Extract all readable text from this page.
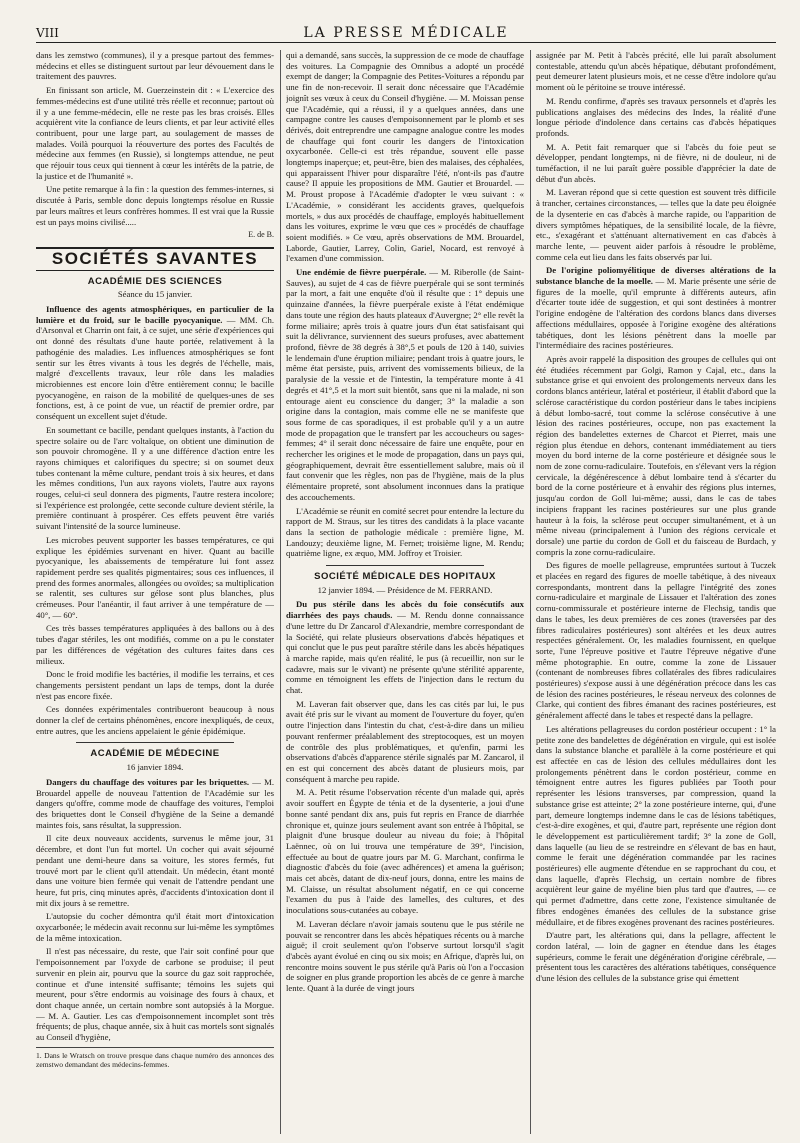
VIII	LA PRESSE MÉDICALE

dans les zemstwo (communes), il y a presque partout des femmes-médecins et elles se distinguent surtout par leur dévouement dans le traitement des pauvres.

En finissant son article, M. Guerzeinstein dit : « L'exercice des femmes-médecins est d'une utilité très réelle et reconnue; partout où il y a une femme-médecin, elle ne reste pas les bras croisés. Elles acquièrent vite la confiance de leurs clients, et par leur activité elles contribuent, pour une large part, au soulagement de masses de malades. Voilà pourquoi la réouverture des portes des Facultés de médecine aux femmes (en Russie), si longtemps attendue, ne peut que réjouir tous ceux qui tiennent à cœur les intérêts de la patrie, de la justice et de l'humanité ».

Une petite remarque à la fin : la question des femmes-internes, si discutée à Paris, semble donc depuis longtemps résolue en Russie par leurs maîtres et leurs confrères hommes. Il est vrai que la Russie est un pays moins civilisé.....

E. de B.
SOCIÉTÉS SAVANTES
ACADÉMIE DES SCIENCES
Séance du 15 janvier.

Influence des agents atmosphériques, en particulier de la lumière et du froid, sur le bacille pyocyanique. — MM. Ch. d'Arsonval et Charrin ont fait, à ce sujet, une série d'expériences qui ont donné des résultats d'une haute portée, relativement à la pathogénie des maladies. Les influences atmosphériques se font sentir sur les êtres vivants à tous les degrés de l'échelle, mais, malgré d'excellents travaux, leur rôle dans les maladies microbiennes est encore loin d'être entièrement connu; le bacille pyocyanogène, en raison de la mobilité de quelques-unes de ses fonctions, est, à ce point de vue, un réactif de premier ordre, par conséquent un excellent sujet d'étude.

En soumettant ce bacille, pendant quelques instants, à l'action du spectre solaire ou de l'arc voltaïque, on obtient une diminution de son pouvoir chromogène. Il y a une différence d'action entre les rayons chimiques et calorifiques du spectre; si on soumet deux tubes contenant la même culture, pendant trois à six heures, et dans les mêmes conditions, l'un aux rayons violets, l'autre aux rayons rouges, celui-ci seul donnera des pigments, l'autre restera incolore; si l'expérience est prolongée, cette seconde culture devient stérile, la première continuant à prospérer. Ces effets peuvent être variés suivant l'intensité de la source lumineuse.

Les microbes peuvent supporter les basses températures, ce qui explique les épidémies survenant en hiver. Quant au bacille pyocyanique, les abaissements de température lui font assez rapidement perdre ses qualités pigmentaires; sous ces influences, il prend des formes anormales, allongées ou ovoïdes; sa multiplication se ralentit, ses cultures sur gélose sont plus blanches, plus crémeuses. Pour l'anéantir, il faut arriver à une température de — 40°, — 60°.

Ces très basses températures appliquées à des ballons ou à des tubes d'agar stériles, les ont modifiés, comme on a pu le constater par les différences de végétation des cultures faites dans ces milieux.

Donc le froid modifie les bactéries, il modifie les terrains, et ces changements persistent pendant un laps de temps, dont la durée n'est pas encore fixée.

Ces données expérimentales contribueront beaucoup à nous donner la clef de certains phénomènes, encore inexpliqués, de ceux, entre autres, que les anciens appelaient le génie épidémique.

ACADÉMIE DE MÉDECINE
16 janvier 1894.

Dangers du chauffage des voitures par les briquettes. — M. Brouardel appelle de nouveau l'attention de l'Académie sur les dangers qu'offre, comme mode de chauffage des voitures, l'emploi des briquettes dont le Conseil d'hygiène de la Seine a demandé maintes fois, sans résultat, la suppression.

Il cite deux nouveaux accidents, survenus le même jour, 31 décembre, et dont l'un fut mortel. Un cocher qui avait séjourné pendant une demi-heure dans sa voiture, les stores fermés, fut trouvé mort par le client qu'il attendait. Un médecin, étant monté dans une voiture bien fermée qui venait de l'attendre pendant une heure, fut pris, cinq minutes après, d'accidents d'intoxication dont il mit dix jours à se remettre.

L'autopsie du cocher démontra qu'il était mort d'intoxication oxycarbonée; le médecin avait reconnu sur lui-même les symptômes de la même intoxication.

Il n'est pas nécessaire, du reste, que l'air soit confiné pour que l'empoisonnement par l'oxyde de carbone se produise; il peut survenir en plein air, pourvu que la source du gaz soit rapprochée, continue et d'une intensité suffisante; témoins les sujets qui meurent, pour s'être endormis au voisinage des fours à chaux, et dont chaque année, un certain nombre sont autopsiés à la Morgue. — M. A. Gautier. Les cas d'empoisonnement incomplet sont très fréquents; de plus, chaque année, six à huit cas mortels sont signalés au Conseil d'hygiène,

1. Dans le Wratsch on trouve presque dans chaque numéro des annonces des zemstwo demandant des médecins-femmes.

qui a demandé, sans succès, la suppression de ce mode de chauffage des voitures. La Compagnie des Omnibus a adopté un procédé exempt de danger; la Compagnie des Petites-Voitures a répondu par une fin de non-recevoir. Il serait donc nécessaire que l'Académie joignît ses vœux à ceux du Conseil d'hygiène. — M. Moissan pense que l'Académie, qui a réussi, il y a quelques années, dans une campagne contre les causes d'empoisonnement par le plomb et ses dérivés, doit entreprendre une campagne analogue contre les modes de chauffage qui font courir les dangers de l'intoxication oxycarbonée. Celle-ci est très répandue, souvent elle passe longtemps inaperçue; et, peut-être, bien des malaises, des céphalées, qui apparaissent l'hiver pour disparaître l'été, n'ont-ils pas d'autre cause? Il appuie les propositions de MM. Gautier et Brouardel. — M. Proust propose à l'Académie d'adopter le vœu suivant : « L'Académie, » considérant les accidents graves, quelquefois mortels, » dus aux procédés de chauffage, employés habituellement dans les voitures, exprime le vœu que ces » procédés de chauffage soient modifiés. » Ce vœu, après observations de MM. Brouardel, Laborde, Gautier, Larrey, Colin, Gariel, Nocard, est renvoyé à l'examen d'une commission.

Une endémie de fièvre puerpérale. — M. Riberolle (de Saint-Sauves), au sujet de 4 cas de fièvre puerpérale qui se sont terminés par la mort, a fait une enquête d'où il résulte que : 1° depuis une quinzaine d'années, la fièvre puerpérale existe à l'état endémique dans toute une région des hauts plateaux d'Auvergne; 2° elle revêt la forme miliaire; après trois à quatre jours d'un état satisfaisant qui suit la délivrance, surviennent des sueurs profuses, avec abattement profond, fièvre de 38 degrés à 38°,5 et pouls de 120 à 140, suivies le lendemain d'une éruption miliaire; pendant trois à quatre jours, le même état persiste, puis, arrivent des vomissements bilieux, de la paralysie de la vessie et de l'intestin, la température monte à 41 degrés et 41°,5 et la mort suit bientôt, sans que ni la malade, ni son entourage aient eu conscience du danger; 3° la maladie a son origine dans la contagion, mais comme elle ne se manifeste que sous forme de cas sporadiques, il est probable qu'il y a un autre mode de propagation que le transfert par les accoucheurs ou sages-femmes; 4° il serait donc nécessaire de faire une enquête, pour en rechercher les origines et le mode de propagation, dans un pays qui, géographiquement, devrait être essentiellement salubre, mais où il faut convenir que les règles, non pas de l'hygiène, mais de la plus élémentaire propreté, sont absolument inconnues dans la pratique des accouchements.

L'Académie se réunit en comité secret pour entendre la lecture du rapport de M. Straus, sur les titres des candidats à la place vacante dans la section de pathologie médicale : première ligne, M. Landouzy; deuxième ligne, M. Fernet; troisième ligne, M. Rendu; quatrième ligne, ex æquo, MM. Joffroy et Troisier.

SOCIÉTÉ MÉDICALE DES HOPITAUX
12 janvier 1894. — Présidence de M. FERRAND.

Du pus stérile dans les abcès du foie consécutifs aux diarrhées des pays chauds. — M. Rendu donne connaissance d'une lettre du Dr Zancarol d'Alexandrie, membre correspondant de la Société, qui relate plusieurs observations d'abcès hépatiques et qui conclut que le pus peut paraître stérile dans les abcès hépatiques à marche rapide, mais qu'en réalité, le pus (à recueillir, non sur le cadavre, mais sur le vivant) ne présente qu'une stérilité apparente, comme en témoignent les effets de l'injection dans le rectum du chat.

M. Laveran fait observer que, dans les cas cités par lui, le pus avait été pris sur le vivant au moment de l'ouverture du foyer, qu'en outre l'injection dans l'intestin du chat, c'est-à-dire dans un milieu pouvant renfermer préalablement des streptocoques, est un moyen de contrôle des plus problématiques, et qu'enfin, parmi les observations d'abcès d'apparence stérile signalés par M. Zancarol, il en est qui concernent des abcès datant de plusieurs mois, par conséquent à marche peu rapide.

M. A. Petit résume l'observation récente d'un malade qui, après avoir souffert en Égypte de ténia et de la dysenterie, a joui d'une bonne santé pendant dix ans, puis fut repris en France de diarrhée chronique et, quinze jours seulement avant son entrée à l'hôpital, se plaignit d'une brusque douleur au niveau du foie; à l'hôpital Laënnec, où on lui trouva une température de 39°, l'incision, effectuée au bout de quatre jours par M. G. Marchant, confirma le diagnostic d'abcès du foie (avec adhérences) et amena la guérison; mais cet abcès, datant de dix-neuf jours, donna, entre les mains de M. Claisse, un résultat absolument négatif, en ce qui concerne l'examen du pus à l'aide des lamelles, des cultures, et des inoculations sous-cutanées au cobaye.

M. Laveran déclare n'avoir jamais soutenu que le pus stérile ne pouvait se rencontrer dans les abcès hépatiques récents ou à marche aiguë; il croit seulement qu'on l'observe surtout lorsqu'il s'agit d'abcès ayant évolué en cinq ou six mois; en Afrique, d'après lui, on rencontre moins souvent le pus stérile qu'à Paris où l'on a l'occasion de soigner en plus grande proportion les abcès de ce genre à marche lente. Quant à la durée de vingt jours

assignée par M. Petit à l'abcès précité, elle lui paraît absolument contestable, attendu qu'un abcès hépatique, débutant profondément, peut demeurer latent plusieurs mois, et ne cesse d'être indolore qu'au moment où le péritoine se trouve intéressé.

M. Rendu confirme, d'après ses travaux personnels et d'après les publications anglaises des médecins des Indes, la réalité d'une longue période d'indolence dans certains cas d'abcès hépatiques profonds.

M. A. Petit fait remarquer que si l'abcès du foie peut se développer, pendant longtemps, ni de fièvre, ni de douleur, ni de tuméfaction, il ne lui paraît guère possible d'apprécier la date de début d'un abcès.

M. Laveran répond que si cette question est souvent très difficile à trancher, certaines circonstances, — telles que la date peu éloignée de la dysenterie en cas d'abcès à marche rapide, ou l'apparition de divers symptômes hépatiques, de la sensibilité locale, de la fièvre, etc., s'exagérant et s'atténuant alternativement en cas d'abcès à marche lente, — peuvent aider parfois à résoudre le problème, comme cela eut lieu dans les faits observés par lui.

De l'origine poliomyélitique de diverses altérations de la substance blanche de la moelle. — M. Marie présente une série de figures de la moelle, qu'il emprunte à différents auteurs, afin d'écarter toute idée de suggestion, et qui sont destinées à montrer l'origine endogène de l'altération des cordons blancs dans diverses affections médullaires, opposée à l'origine exogène des altérations tabétiques, dont les lésions pénètrent dans la moelle par l'intermédiaire des racines postérieures.

Après avoir rappelé la disposition des groupes de cellules qui ont été étudiées récemment par Golgi, Ramon y Cajal, etc., dans la substance grise et qui envoient des prolongements nerveux dans les cordons blancs antérieur, latéral et postérieur, il établit d'abord que la sclérose caractéristique du cordon postérieur dans le tabes incipiens à début lombo-sacré, tout comme la sclérose consécutive à une lésion des racines postérieures, occupe, non pas exactement la région des bandelettes externes de Charcot et Pierret, mais une région plus étendue en dehors, contenant immédiatement au tiers moyen du bord interne de la corne postérieure et désignée sous le nom de zone cornu-radiculaire. Toutefois, en s'élevant vers la région cervicale, la dégénérescence à début lombaire tend à s'écarter du bord de la corne postérieure et à envahir des régions plus internes, jusqu'au cordon de Goll lui-même; aussi, dans le cas de tabes incipiens frappant les racines postérieures sur une plus grande hauteur à la fois, la sclérose peut occuper simultanément, et à un même niveau (principalement à l'union des régions cervicale et dorsale) une partie du cordon de Goll et du faisceau de Burdach, y compris la zone cornu-radiculaire.

Des figures de moelle pellagreuse, empruntées surtout à Tuczek et placées en regard des figures de moelle tabétique, à des niveaux correspondants, montrent dans la pellagre l'intégrité des zones cornu-radiculaire et marginale de Lissauer et l'altération des zones cornu-commissurale et postérieure interne de Flechsig, tandis que dans le tabes, les deux premières de ces zones (traversées par des fibres radiculaires postérieures) sont altérées et les deux autres respectées généralement. Or, les maladies fournissent, en quelque sorte, l'une l'épreuve positive et l'autre l'épreuve négative d'une même photographie. En outre, comme la zone de Lissauer (contenant de nombreuses fibres collatérales des fibres radiculaires postérieures) s'expose aussi à une dégénération précoce dans les cas de lésion des racines postérieures, le réseau nerveux des colonnes de Clarke, qui contient des fibres émanant des racines postérieures, est généralement affecté dans le tabes et respecté dans la pellagre.

Les altérations pellagreuses du cordon postérieur occupent : 1° la petite zone des bandelettes de dégénération en virgule, qui est isolée dans la substance blanche et parallèle à la corne postérieure et qui est affectée en cas de lésion des cellules médullaires dont les prolongements pénètrent dans le cordon postérieur, comme en témoignent entre autres les figures publiées par Tooth pour représenter les lésions transverses, par compression, quand la substance grise est atteinte; 2° la zone postérieure interne, qui, d'une part, demeure longtemps indemne dans le cas de lésions tabétiques, c'est-à-dire exogènes, et qui, d'autre part, représente une région dont le développement est particulièrement tardif; 3° la zone de Goll, dans laquelle (au lieu de se restreindre en s'élevant de bas en haut, comme le ferait une dégénération commandée par les racines postérieures) elle augmente d'étendue en se rapprochant du cou, et dans laquelle, d'après Flechsig, un certain nombre de fibres acquièrent leur gaine de myéline bien plus tard que d'autres, — ce qui permet d'admettre, dans cette zone, l'existence simultanée de fibres endogènes émanées des cellules de la substance grise médullaire, et de fibres exogènes provenant des racines postérieures.

D'autre part, les altérations qui, dans la pellagre, affectent le cordon latéral, — loin de gagner en étendue dans les étages supérieurs, comme le ferait une dégénération d'origine cérébrale, — présentent tous les caractères des altérations tabétiques, conséquence d'une lésion des cellules de la substance grise qui émettent
